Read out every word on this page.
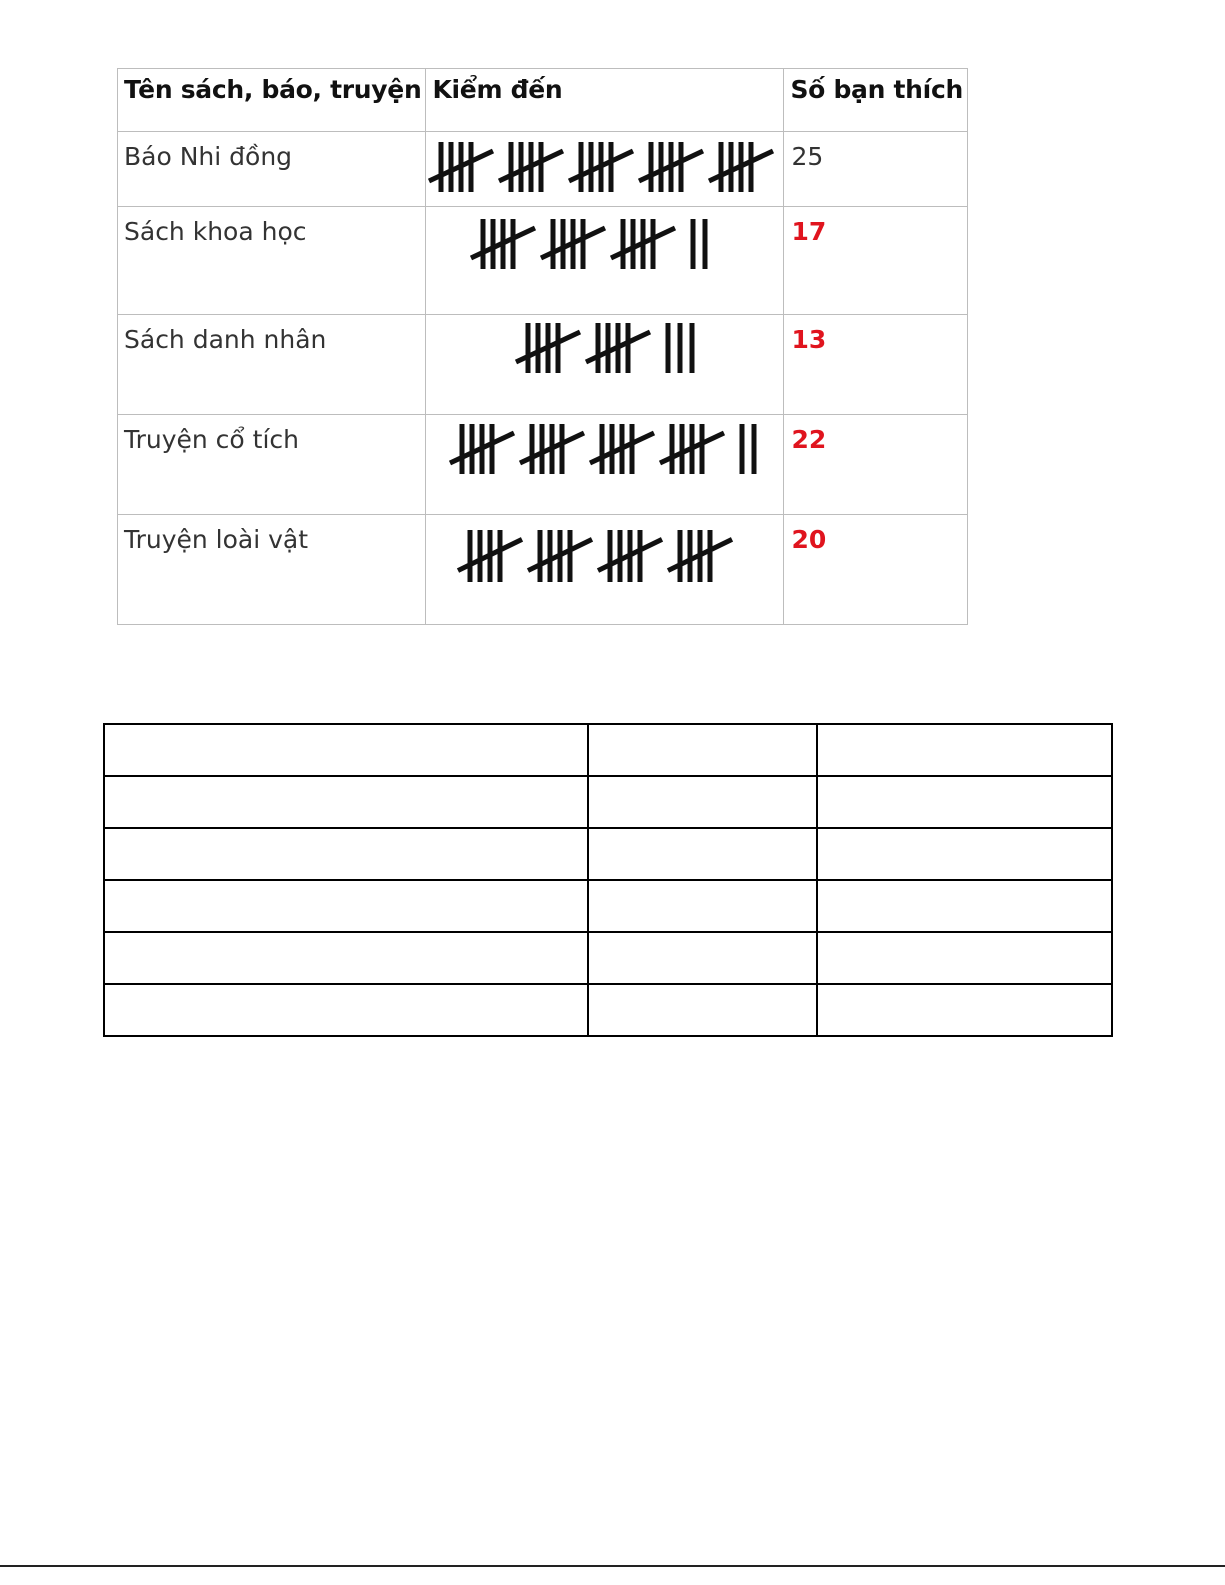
Tên sách, báo, truyện	Kiểm đến	Số bạn thích
Báo Nhi đồng		25
Sách khoa học		17
Sách danh nhân		13
Truyện cổ tích		22
Truyện loài vật		20
